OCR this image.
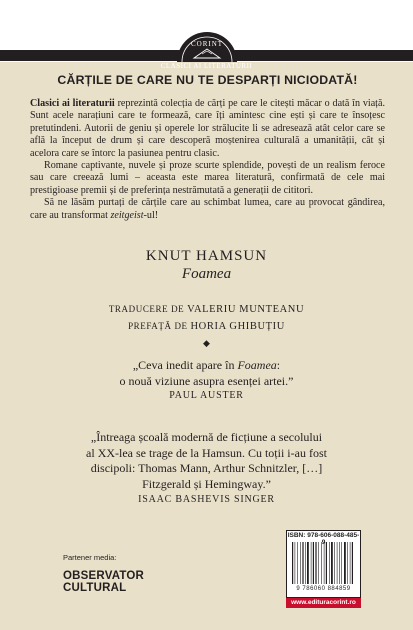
CORINT
CLASICI AI LITERATURII
CĂRȚILE DE CARE NU TE DESPARȚI NICIODATĂ!

Clasici ai literaturii reprezintă colecția de cărți pe care le citești măcar o dată în viață. Sunt acele narațiuni care te formează, care îți amintesc cine ești și care te însoțesc pretutindeni. Autorii de geniu și operele lor strălucite li se adresează atât celor care se află la început de drum și care descoperă moștenirea culturală a umanității, cât și acelora care se întorc la pasiunea pentru clasic.

Romane captivante, nuvele și proze scurte splendide, povești de un realism feroce sau care creează lumi – aceasta este marea literatură, confirmată de cele mai prestigioase premii și de preferința nestrămutată a generații de cititori.

Să ne lăsăm purtați de cărțile care au schimbat lumea, care au provocat gândirea, care au transformat zeitgeist-ul!

KNUT HAMSUN
Foamea
TRADUCERE DE VALERIU MUNTEANU
PREFAȚĂ DE HORIA GHIBUȚIU
◆
„Ceva inedit apare în Foamea:
o nouă viziune asupra esenței artei.”
PAUL AUSTER
„Întreaga școală modernă de ficțiune a secolului
al XX-lea se trage de la Hamsun. Cu toții i-au fost
discipoli: Thomas Mann, Arthur Schnitzler, […]
Fitzgerald și Hemingway.”
ISAAC BASHEVIS SINGER
Partener media:
OBSERVATOR
CULTURAL
ISBN: 978-606-088-485-9
9 786060 884859
www.edituracorint.ro
